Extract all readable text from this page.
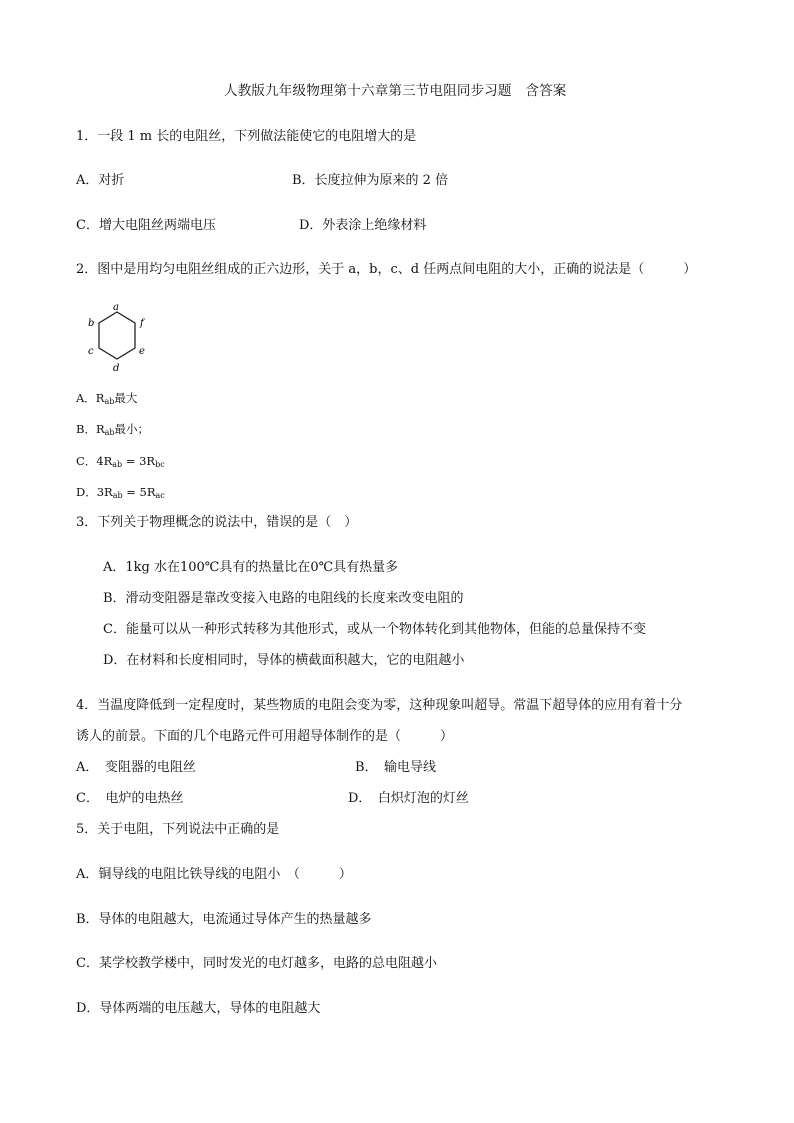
人教版九年级物理第十六章第三节电阻同步习题　含答案
1．一段 1 m 长的电阻丝，下列做法能使它的电阻增大的是
A．对折	B．长度拉伸为原来的 2 倍
C．增大电阻丝两端电压	D．外表涂上绝缘材料
2．图中是用均匀电阻丝组成的正六边形，关于 a，b，c、d 任两点间电阻的大小，正确的说法是（　　　）
a
b	f
c	e
d
A．Rab最大
B．Rab最小；
C．4Rab = 3Rbc
D．3Rab = 5Rac
3．下列关于物理概念的说法中，错误的是（　）
A．1kg 水在100℃具有的热量比在0℃具有热量多
B．滑动变阻器是靠改变接入电路的电阻线的长度来改变电阻的
C．能量可以从一种形式转移为其他形式，或从一个物体转化到其他物体，但能的总量保持不变
D．在材料和长度相同时，导体的横截面积越大，它的电阻越小
4．当温度降低到一定程度时，某些物质的电阻会变为零，这种现象叫超导。常温下超导体的应用有着十分
诱人的前景。下面的几个电路元件可用超导体制作的是（　　　）
A．　变阻器的电阻丝	B．　输电导线
C．　电炉的电热丝	D．　白炽灯泡的灯丝
5．关于电阻，下列说法中正确的是
A．铜导线的电阻比铁导线的电阻小　（　　　）
B．导体的电阻越大，电流通过导体产生的热量越多
C．某学校教学楼中，同时发光的电灯越多，电路的总电阻越小
D．导体两端的电压越大，导体的电阻越大
